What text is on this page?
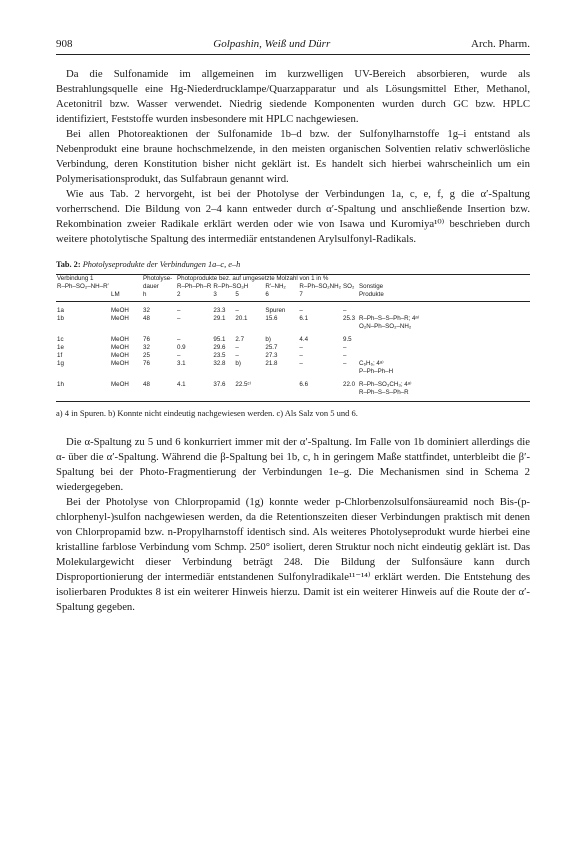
908	Golpashin, Weiß und Dürr	Arch. Pharm.

Da die Sulfonamide im allgemeinen im kurzwelligen UV-Bereich absorbieren, wurde als Bestrahlungsquelle eine Hg-Niederdrucklampe/Quarzapparatur und als Lösungsmittel Ether, Methanol, Acetonitril bzw. Wasser verwendet. Niedrig siedende Komponenten wurden durch GC bzw. HPLC identifiziert, Feststoffe wurden insbesondere mit HPLC nachgewiesen.

Bei allen Photoreaktionen der Sulfonamide 1b–d bzw. der Sulfonylharnstoffe 1g–i entstand als Nebenprodukt eine braune hochschmelzende, in den meisten organischen Solventien relativ schwerlösliche Verbindung, deren Konstitution bisher nicht geklärt ist. Es handelt sich hierbei wahrscheinlich um ein Polymerisationsprodukt, das Sulfabraun genannt wird.

Wie aus Tab. 2 hervorgeht, ist bei der Photolyse der Verbindungen 1a, c, e, f, g die α′-Spaltung vorherrschend. Die Bildung von 2–4 kann entweder durch α′-Spaltung und anschließende Insertion bzw. Rekombination zweier Radikale erklärt werden oder wie von Isawa und Kuromiya¹⁰⁾ beschrieben durch weitere photolytische Spaltung des intermediär entstandenen Arylsulfonyl-Radikals.

Tab. 2: Photolyseprodukte der Verbindungen 1a–c, e–h
Verbindung 1		Photolyse-	Photoprodukte bez. auf umgesetzte Molzahl von 1 in %						
R–Ph–SO₂–NH–R′		dauer	R–Ph–Ph–R	R–Ph–SO₃H		R′–NH₂	R–Ph–SO₂NH₂	SO₂	Sonstige
	LM	h	2	3	5	6	7		Produkte
1a	MeOH	32	–	23.3	–	Spuren	–	–	
1b	MeOH	48	–	29.1	20.1	15.6	6.1	25.3	R–Ph–S–S–Ph–R; 4ᵃ⁾
									O₂N–Ph–SO₂–NH₂
1c	MeOH	76	–	95.1	2.7	b)	4.4	9.5	
1e	MeOH	32	0.9	29.6	–	25.7	–	–	
1f	MeOH	25	–	23.5	–	27.3	–	–	
1g	MeOH	76	3.1	32.8	b)	21.8	–	–	C₆H₆; 4ᵃ⁾
									P–Ph–Ph–H
1h	MeOH	48	4.1	37.6	22.5ᶜ⁾		6.6	22.0	R–Ph–SO₃CH₃; 4ᵃ⁾
									R–Ph–S–S–Ph–R
a) 4 in Spuren. b) Konnte nicht eindeutig nachgewiesen werden. c) Als Salz von 5 und 6.

Die α-Spaltung zu 5 und 6 konkurriert immer mit der α′-Spaltung. Im Falle von 1b dominiert allerdings die α- über die α′-Spaltung. Während die β-Spaltung bei 1b, c, h in geringem Maße stattfindet, unterbleibt die β′-Spaltung bei der Photo-Fragmentierung der Verbindungen 1e–g. Die Mechanismen sind in Schema 2 wiedergegeben.

Bei der Photolyse von Chlorpropamid (1g) konnte weder p-Chlorbenzolsulfonsäureamid noch Bis-(p-chlorphenyl-)sulfon nachgewiesen werden, da die Retentionszeiten dieser Verbindungen praktisch mit denen von Chlorpropamid bzw. n-Propylharnstoff identisch sind. Als weiteres Photolyseprodukt wurde hierbei eine kristalline farblose Verbindung vom Schmp. 250° isoliert, deren Struktur noch nicht eindeutig geklärt ist. Das Molekulargewicht dieser Verbindung beträgt 248. Die Bildung der Sulfonsäure kann durch Disproportionierung der intermediär entstandenen Sulfonylradikale¹¹⁻¹⁴⁾ erklärt werden. Die Entstehung des isolierbaren Produktes 8 ist ein weiterer Hinweis hierzu. Damit ist ein weiterer Hinweis auf die Route der α′-Spaltung gegeben.
